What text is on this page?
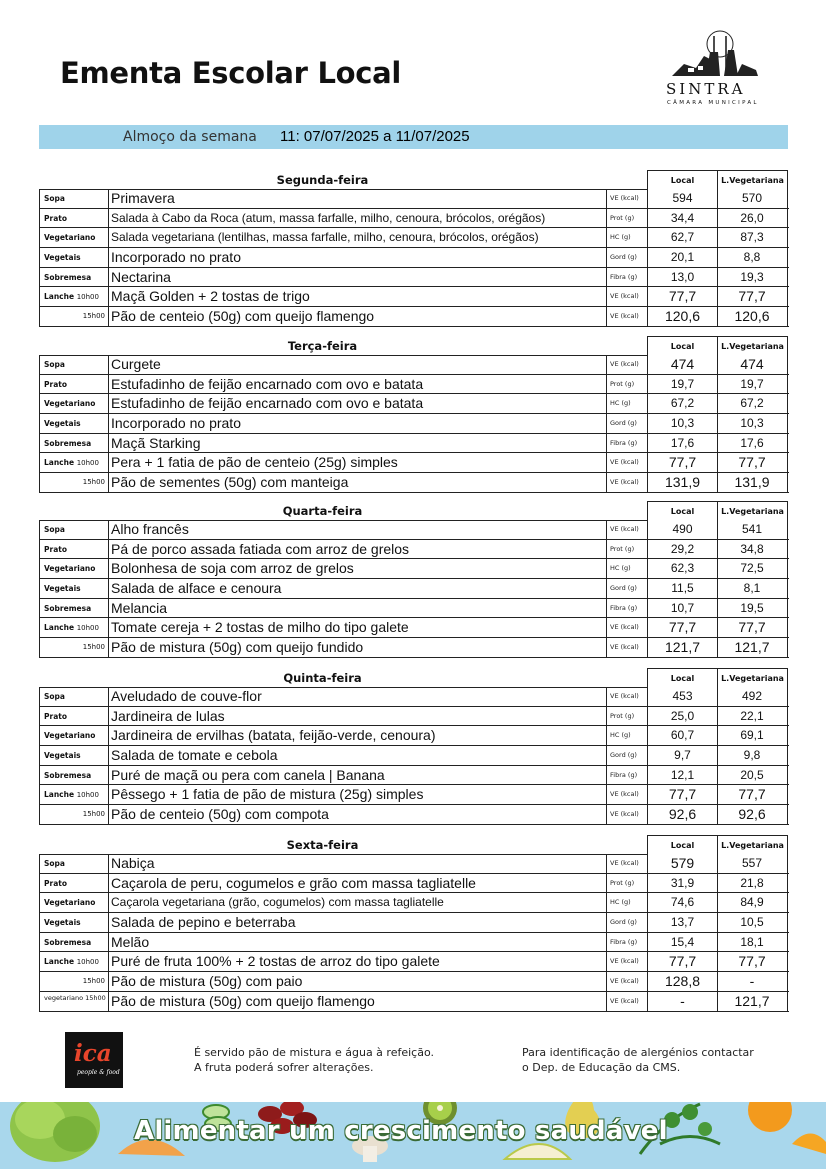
Ementa Escolar Local	SINTRA
CÂMARA MUNICIPAL
Almoço da semana 11: 07/07/2025 a 11/07/2025
Segunda-feira	Local	L.Vegetariana
Sopa	Primavera	VE (kcal)	594	570
Prato	Salada à Cabo da Roca (atum, massa farfalle, milho, cenoura, brócolos, orégãos)	Prot (g)	34,4	26,0
Vegetariano	Salada vegetariana (lentilhas, massa farfalle, milho, cenoura, brócolos, orégãos)	HC (g)	62,7	87,3
Vegetais	Incorporado no prato	Gord (g)	20,1	8,8
Sobremesa	Nectarina	Fibra (g)	13,0	19,3
Lanche 10h00 Maçã Golden + 2 tostas de trigo	VE (kcal)	77,7	77,7
15h00 Pão de centeio (50g) com queijo flamengo	VE (kcal)	120,6	120,6
Terça-feira	Local	L.Vegetariana
Sopa	Curgete	VE (kcal)	474	474
Prato	Estufadinho de feijão encarnado com ovo e batata	Prot (g)	19,7	19,7
Vegetariano	Estufadinho de feijão encarnado com ovo e batata	HC (g)	67,2	67,2
Vegetais	Incorporado no prato	Gord (g)	10,3	10,3
Sobremesa	Maçã Starking	Fibra (g)	17,6	17,6
Lanche 10h00 Pera + 1 fatia de pão de centeio (25g) simples	VE (kcal)	77,7	77,7
15h00 Pão de sementes (50g) com manteiga	VE (kcal)	131,9	131,9
Quarta-feira	Local	L.Vegetariana
Sopa	Alho francês	VE (kcal)	490	541
Prato	Pá de porco assada fatiada com arroz de grelos	Prot (g)	29,2	34,8
Vegetariano	Bolonhesa de soja com arroz de grelos	HC (g)	62,3	72,5
Vegetais	Salada de alface e cenoura	Gord (g)	11,5	8,1
Sobremesa	Melancia	Fibra (g)	10,7	19,5
Lanche 10h00 Tomate cereja + 2 tostas de milho do tipo galete	VE (kcal)	77,7	77,7
15h00 Pão de mistura (50g) com queijo fundido	VE (kcal)	121,7	121,7
Quinta-feira	Local	L.Vegetariana
Sopa	Aveludado de couve-flor	VE (kcal)	453	492
Prato	Jardineira de lulas	Prot (g)	25,0	22,1
Vegetariano	Jardineira de ervilhas (batata, feijão-verde, cenoura)	HC (g)	60,7	69,1
Vegetais	Salada de tomate e cebola	Gord (g)	9,7	9,8
Sobremesa	Puré de maçã ou pera com canela | Banana	Fibra (g)	12,1	20,5
Lanche 10h00 Pêssego + 1 fatia de pão de mistura (25g) simples	VE (kcal)	77,7	77,7
15h00 Pão de centeio (50g) com compota	VE (kcal)	92,6	92,6
Sexta-feira	Local	L.Vegetariana
Sopa	Nabiça	VE (kcal)	579	557
Prato	Caçarola de peru, cogumelos e grão com massa tagliatelle	Prot (g)	31,9	21,8
Vegetariano	Caçarola vegetariana (grão, cogumelos) com massa tagliatelle	HC (g)	74,6	84,9
Vegetais	Salada de pepino e beterraba	Gord (g)	13,7	10,5
Sobremesa	Melão	Fibra (g)	15,4	18,1
Lanche 10h00 Puré de fruta 100% + 2 tostas de arroz do tipo galete	VE (kcal)	77,7	77,7
15h00 Pão de mistura (50g) com paio	VE (kcal)	128,8	-
vegetariano 15h00 Pão de mistura (50g) com queijo flamengo	VE (kcal)	-	121,7
ica
people & food
É servido pão de mistura e água à refeição.
A fruta poderá sofrer alterações.
Para identificação de alergénios contactar
o Dep. de Educação da CMS.
Alimentar um crescimento saudável
